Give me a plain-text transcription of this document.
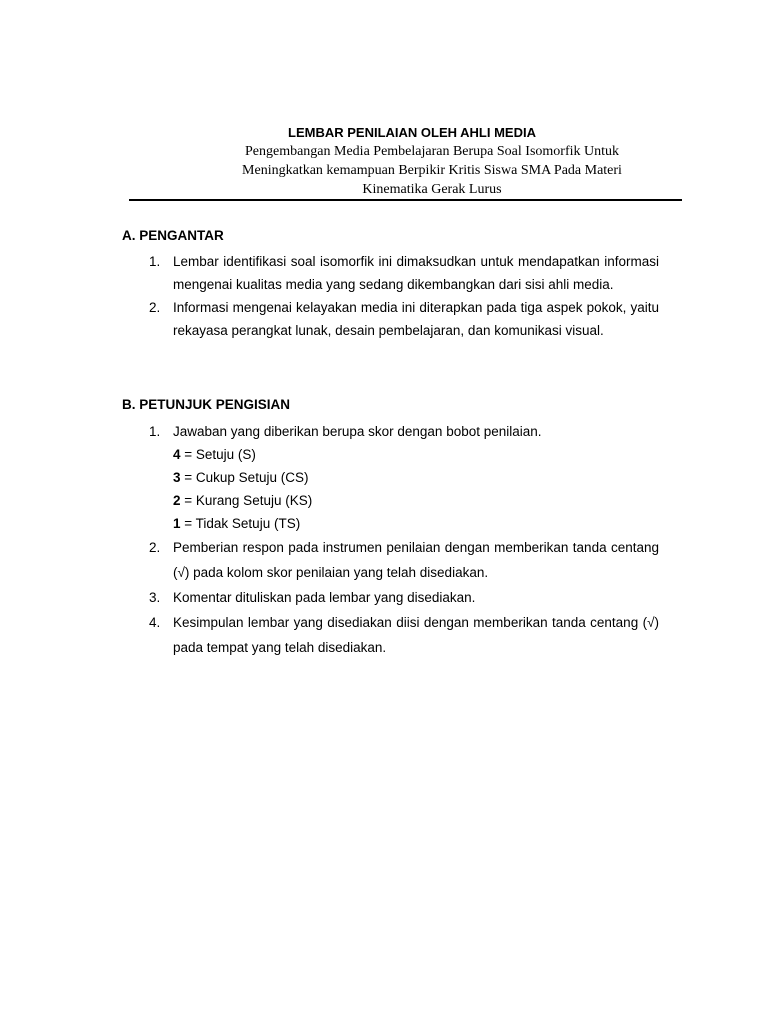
LEMBAR PENILAIAN OLEH AHLI MEDIA
Pengembangan Media Pembelajaran Berupa Soal Isomorfik Untuk
Meningkatkan kemampuan Berpikir Kritis Siswa SMA Pada Materi
Kinematika Gerak Lurus
A. PENGANTAR
1. Lembar identifikasi soal isomorfik ini dimaksudkan untuk mendapatkan informasi mengenai kualitas media yang sedang dikembangkan dari sisi ahli media.
2. Informasi mengenai kelayakan media ini diterapkan pada tiga aspek pokok, yaitu rekayasa perangkat lunak, desain pembelajaran, dan komunikasi visual.
B. PETUNJUK PENGISIAN
1. Jawaban yang diberikan berupa skor dengan bobot penilaian.
4 = Setuju (S)
3 = Cukup Setuju (CS)
2 = Kurang Setuju (KS)
1 = Tidak Setuju (TS)
2. Pemberian respon pada instrumen penilaian dengan memberikan tanda centang (√) pada kolom skor penilaian yang telah disediakan.
3. Komentar dituliskan pada lembar yang disediakan.
4. Kesimpulan lembar yang disediakan diisi dengan memberikan tanda centang (√) pada tempat yang telah disediakan.
